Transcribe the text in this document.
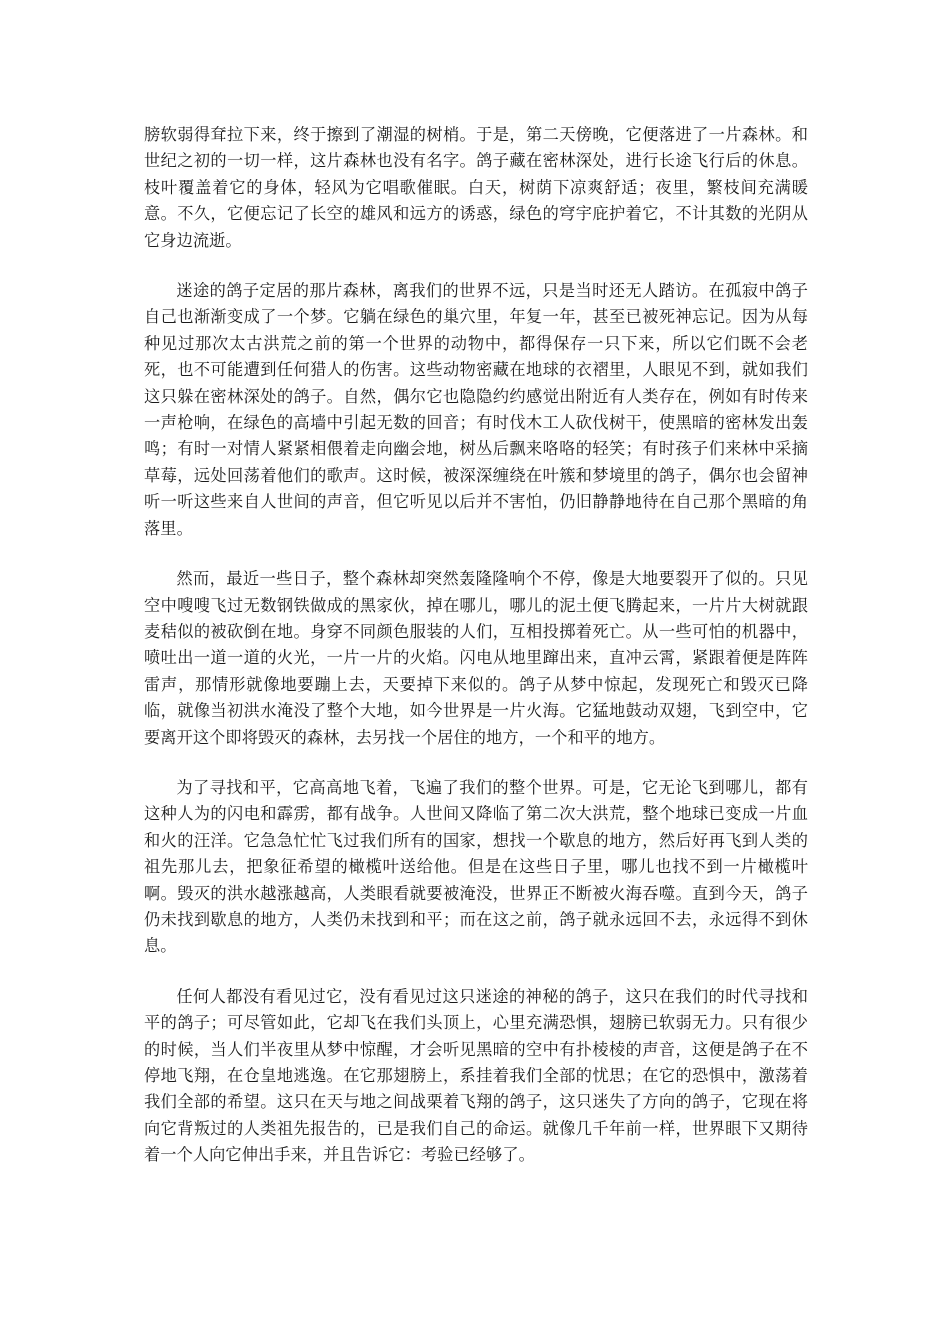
膀软弱得耷拉下来，终于擦到了潮湿的树梢。于是，第二天傍晚，它便落进了一片森林。和世纪之初的一切一样，这片森林也没有名字。鸽子藏在密林深处，进行长途飞行后的休息。枝叶覆盖着它的身体，轻风为它唱歌催眠。白天，树荫下凉爽舒适；夜里，繁枝间充满暖意。不久，它便忘记了长空的雄风和远方的诱惑，绿色的穹宇庇护着它，不计其数的光阴从它身边流逝。

迷途的鸽子定居的那片森林，离我们的世界不远，只是当时还无人踏访。在孤寂中鸽子自己也渐渐变成了一个梦。它躺在绿色的巢穴里，年复一年，甚至已被死神忘记。因为从每种见过那次太古洪荒之前的第一个世界的动物中，都得保存一只下来，所以它们既不会老死，也不可能遭到任何猎人的伤害。这些动物密藏在地球的衣褶里，人眼见不到，就如我们这只躲在密林深处的鸽子。自然，偶尔它也隐隐约约感觉出附近有人类存在，例如有时传来一声枪响，在绿色的高墙中引起无数的回音；有时伐木工人砍伐树干，使黑暗的密林发出轰鸣；有时一对情人紧紧相偎着走向幽会地，树丛后飘来咯咯的轻笑；有时孩子们来林中采摘草莓，远处回荡着他们的歌声。这时候，被深深缠绕在叶簇和梦境里的鸽子，偶尔也会留神听一听这些来自人世间的声音，但它听见以后并不害怕，仍旧静静地待在自己那个黑暗的角落里。

然而，最近一些日子，整个森林却突然轰隆隆响个不停，像是大地要裂开了似的。只见空中嗖嗖飞过无数钢铁做成的黑家伙，掉在哪儿，哪儿的泥土便飞腾起来，一片片大树就跟麦秸似的被砍倒在地。身穿不同颜色服装的人们，互相投掷着死亡。从一些可怕的机器中，喷吐出一道一道的火光，一片一片的火焰。闪电从地里蹿出来，直冲云霄，紧跟着便是阵阵雷声，那情形就像地要蹦上去，天要掉下来似的。鸽子从梦中惊起，发现死亡和毁灭已降临，就像当初洪水淹没了整个大地，如今世界是一片火海。它猛地鼓动双翅，飞到空中，它要离开这个即将毁灭的森林，去另找一个居住的地方，一个和平的地方。

为了寻找和平，它高高地飞着，飞遍了我们的整个世界。可是，它无论飞到哪儿，都有这种人为的闪电和霹雳，都有战争。人世间又降临了第二次大洪荒，整个地球已变成一片血和火的汪洋。它急急忙忙飞过我们所有的国家，想找一个歇息的地方，然后好再飞到人类的祖先那儿去，把象征希望的橄榄叶送给他。但是在这些日子里，哪儿也找不到一片橄榄叶啊。毁灭的洪水越涨越高，人类眼看就要被淹没，世界正不断被火海吞噬。直到今天，鸽子仍未找到歇息的地方，人类仍未找到和平；而在这之前，鸽子就永远回不去，永远得不到休息。

任何人都没有看见过它，没有看见过这只迷途的神秘的鸽子，这只在我们的时代寻找和平的鸽子；可尽管如此，它却飞在我们头顶上，心里充满恐惧，翅膀已软弱无力。只有很少的时候，当人们半夜里从梦中惊醒，才会听见黑暗的空中有扑棱棱的声音，这便是鸽子在不停地飞翔，在仓皇地逃逸。在它那翅膀上，系挂着我们全部的忧思；在它的恐惧中，激荡着我们全部的希望。这只在天与地之间战栗着飞翔的鸽子，这只迷失了方向的鸽子，它现在将向它背叛过的人类祖先报告的，已是我们自己的命运。就像几千年前一样，世界眼下又期待着一个人向它伸出手来，并且告诉它：考验已经够了。
